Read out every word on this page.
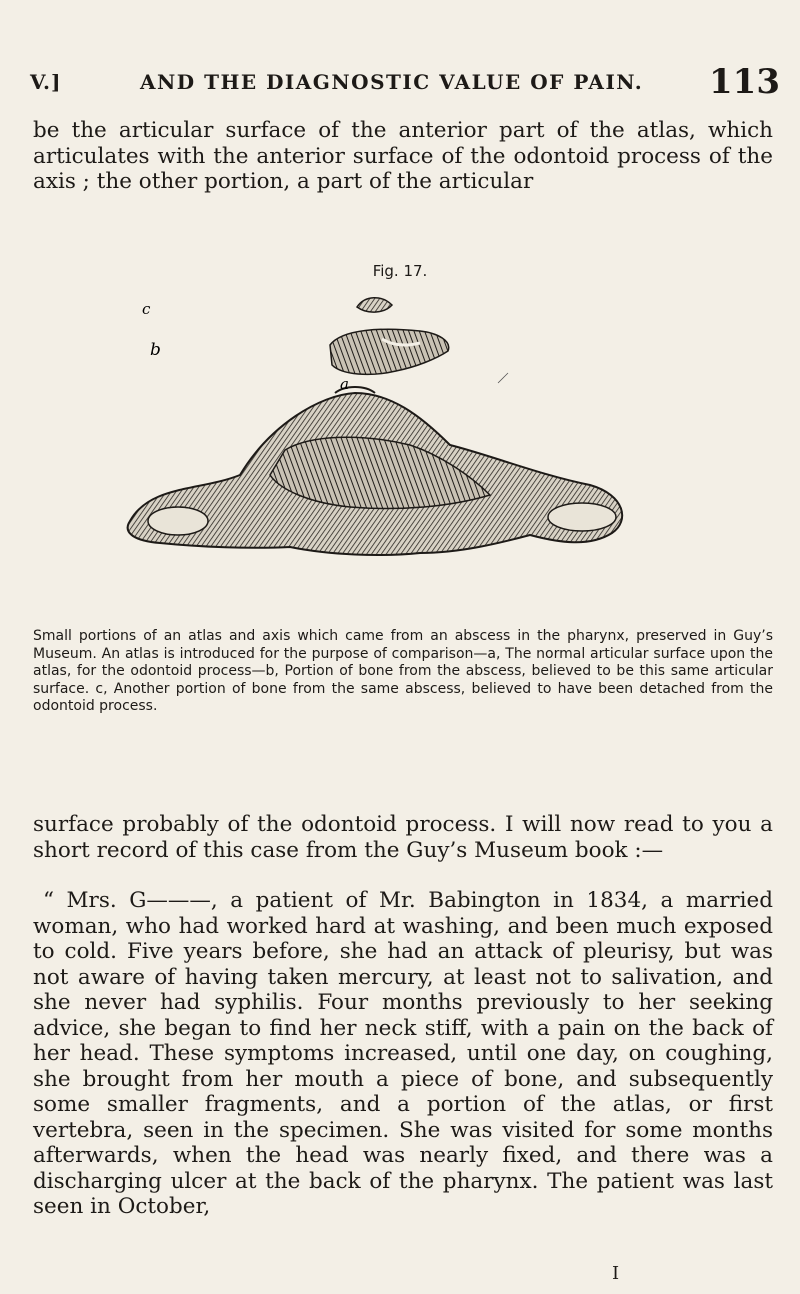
V.]	AND THE DIAGNOSTIC VALUE OF PAIN. 113
be the articular surface of the anterior part of the atlas, which articulates with the anterior surface of the odontoid process of the axis ; the other portion, a part of the articular
Fig. 17.
c
b
a
Small portions of an atlas and axis which came from an abscess in the pharynx, preserved in Guy’s Museum. An atlas is introduced for the purpose of comparison—a, The normal articular surface upon the atlas, for the odontoid process—b, Portion of bone from the abscess, believed to be this same articular surface. c, Another portion of bone from the same abscess, believed to have been detached from the odontoid process.
surface probably of the odontoid process. I will now read to you a short record of this case from the Guy’s Museum book :—
“ Mrs. G———, a patient of Mr. Babington in 1834, a married woman, who had worked hard at washing, and been much exposed to cold. Five years before, she had an attack of pleurisy, but was not aware of having taken mercury, at least not to salivation, and she never had syphilis. Four months previously to her seeking advice, she began to find her neck stiff, with a pain on the back of her head. These symptoms increased, until one day, on coughing, she brought from her mouth a piece of bone, and subsequently some smaller fragments, and a portion of the atlas, or first vertebra, seen in the specimen. She was visited for some months afterwards, when the head was nearly fixed, and there was a discharging ulcer at the back of the pharynx. The patient was last seen in October,
I
